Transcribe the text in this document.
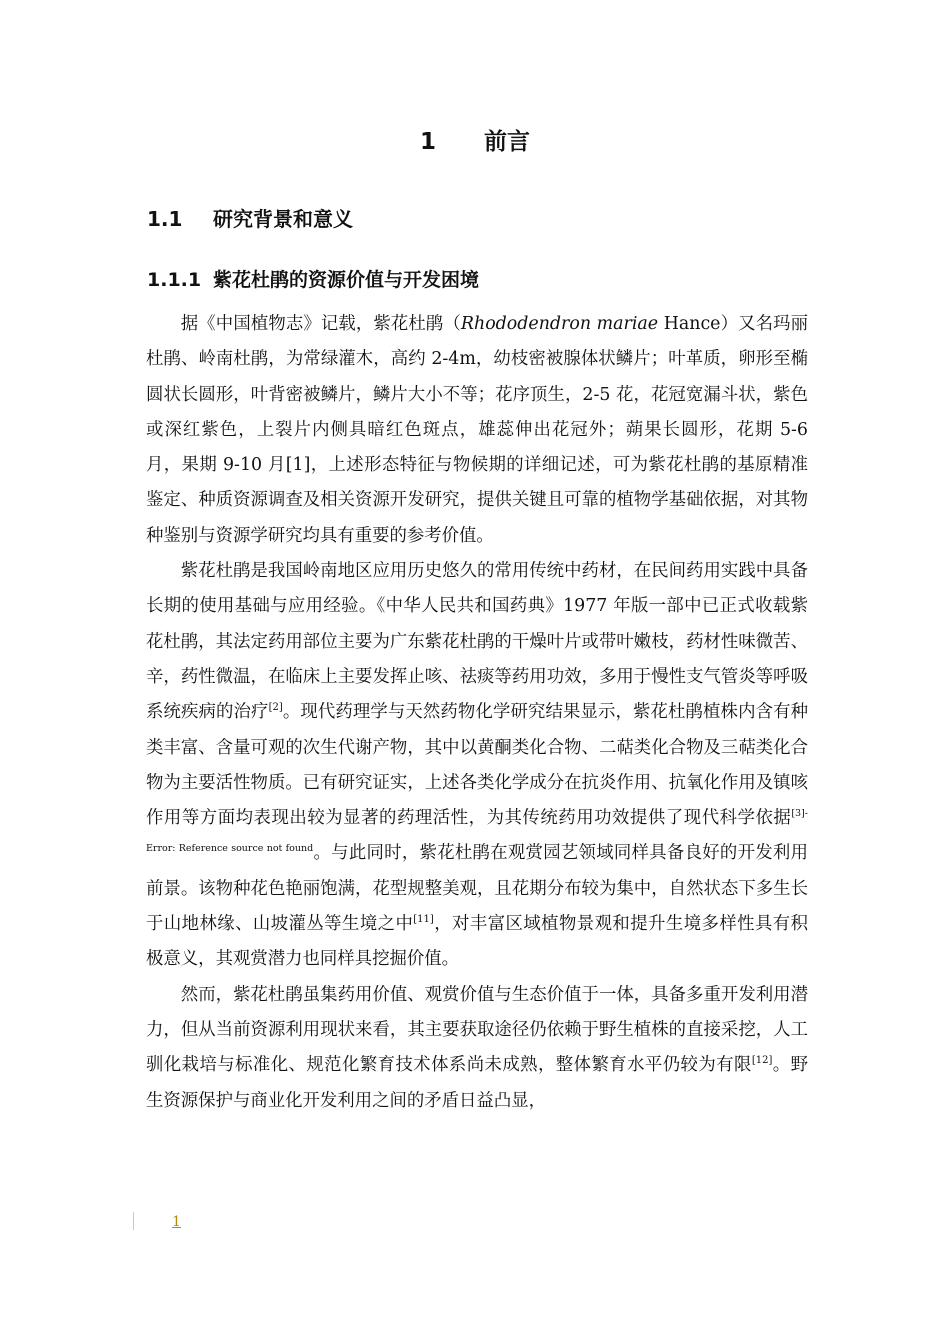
1 前言
1.1 研究背景和意义
1.1.1 紫花杜鹃的资源价值与开发困境

据《中国植物志》记载，紫花杜鹃（Rhododendron mariae Hance）又名玛丽杜鹃、岭南杜鹃，为常绿灌木，高约 2-4m，幼枝密被腺体状鳞片；叶革质，卵形至椭圆状长圆形，叶背密被鳞片，鳞片大小不等；花序顶生，2-5 花，花冠宽漏斗状，紫色或深红紫色，上裂片内侧具暗红色斑点，雄蕊伸出花冠外；蒴果长圆形，花期 5-6 月，果期 9-10 月[1]，上述形态特征与物候期的详细记述，可为紫花杜鹃的基原精准鉴定、种质资源调查及相关资源开发研究，提供关键且可靠的植物学基础依据，对其物种鉴别与资源学研究均具有重要的参考价值。

紫花杜鹃是我国岭南地区应用历史悠久的常用传统中药材，在民间药用实践中具备长期的使用基础与应用经验。《中华人民共和国药典》1977 年版一部中已正式收载紫花杜鹃，其法定药用部位主要为广东紫花杜鹃的干燥叶片或带叶嫩枝，药材性味微苦、辛，药性微温，在临床上主要发挥止咳、祛痰等药用功效，多用于慢性支气管炎等呼吸系统疾病的治疗[2]。现代药理学与天然药物化学研究结果显示，紫花杜鹃植株内含有种类丰富、含量可观的次生代谢产物，其中以黄酮类化合物、二萜类化合物及三萜类化合物为主要活性物质。已有研究证实，上述各类化学成分在抗炎作用、抗氧化作用及镇咳作用等方面均表现出较为显著的药理活性，为其传统药用功效提供了现代科学依据$^{[3]-Error: Reference source not found}$。与此同时，紫花杜鹃在观赏园艺领域同样具备良好的开发利用前景。该物种花色艳丽饱满，花型规整美观，且花期分布较为集中，自然状态下多生长于山地林缘、山坡灌丛等生境之中[11]，对丰富区域植物景观和提升生境多样性具有积极意义，其观赏潜力也同样具挖掘价值。

然而，紫花杜鹃虽集药用价值、观赏价值与生态价值于一体，具备多重开发利用潜力，但从当前资源利用现状来看，其主要获取途径仍依赖于野生植株的直接采挖，人工驯化栽培与标准化、规范化繁育技术体系尚未成熟，整体繁育水平仍较为有限[12]。野生资源保护与商业化开发利用之间的矛盾日益凸显，

1
